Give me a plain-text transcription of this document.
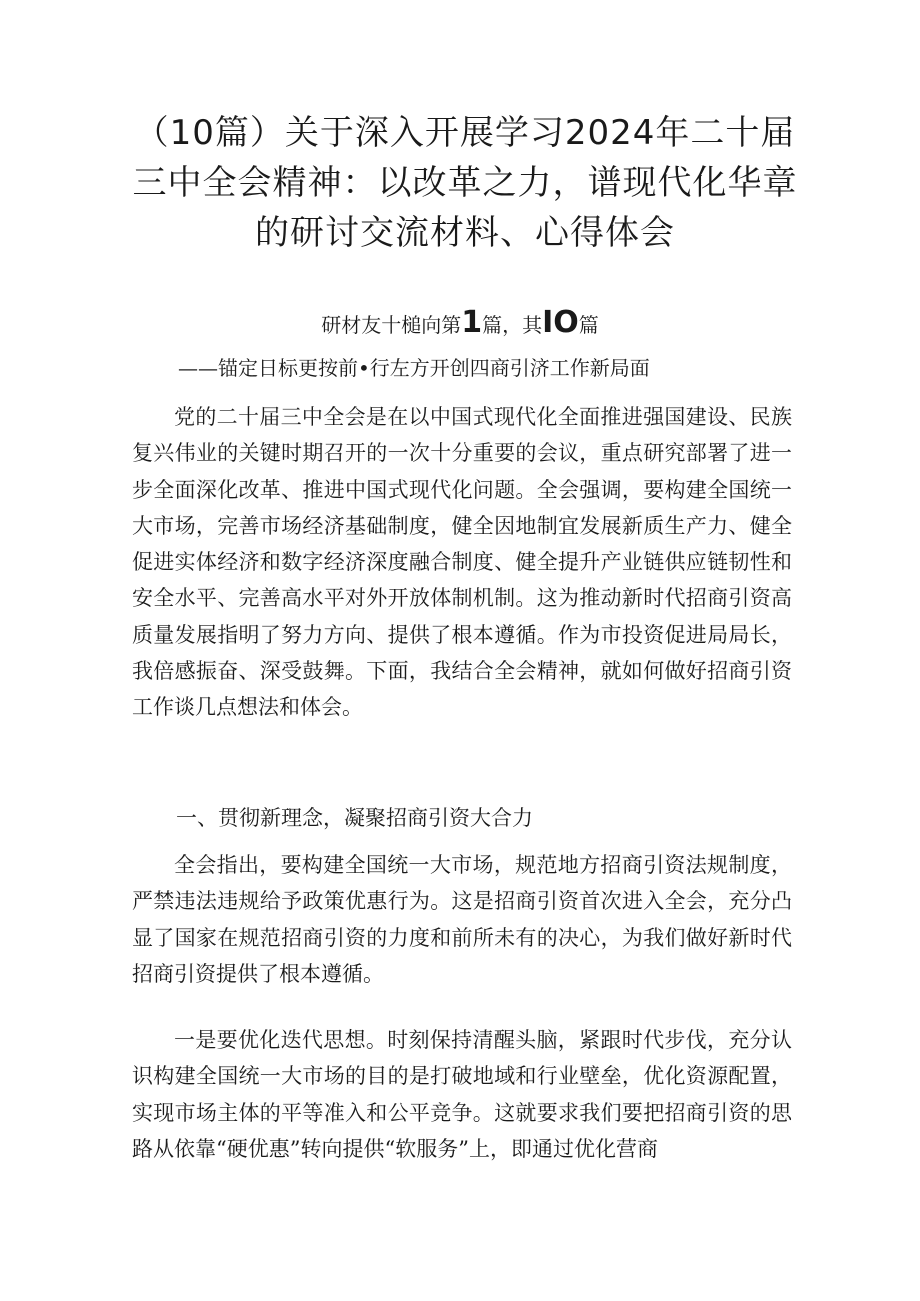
（10篇）关于深入开展学习2024年二十届
三中全会精神：以改革之力，谱现代化华章
的研讨交流材料、心得体会
研材友十槌向第1篇，其IO篇
——锚定日标更按前•行左方开创四商引济工作新局面

党的二十届三中全会是在以中国式现代化全面推进强国建设、民族复兴伟业的关键时期召开的一次十分重要的会议，重点研究部署了进一步全面深化改革、推进中国式现代化问题。全会强调，要构建全国统一大市场，完善市场经济基础制度，健全因地制宜发展新质生产力、健全促进实体经济和数字经济深度融合制度、健全提升产业链供应链韧性和安全水平、完善高水平对外开放体制机制。这为推动新时代招商引资高质量发展指明了努力方向、提供了根本遵循。作为市投资促进局局长，我倍感振奋、深受鼓舞。下面，我结合全会精神，就如何做好招商引资工作谈几点想法和体会。

一、贯彻新理念，凝聚招商引资大合力

全会指出，要构建全国统一大市场，规范地方招商引资法规制度，严禁违法违规给予政策优惠行为。这是招商引资首次进入全会，充分凸显了国家在规范招商引资的力度和前所未有的决心，为我们做好新时代招商引资提供了根本遵循。

一是要优化迭代思想。时刻保持清醒头脑，紧跟时代步伐，充分认识构建全国统一大市场的目的是打破地域和行业壁垒，优化资源配置，实现市场主体的平等准入和公平竞争。这就要求我们要把招商引资的思路从依靠“硬优惠”转向提供“软服务”上，即通过优化营商
